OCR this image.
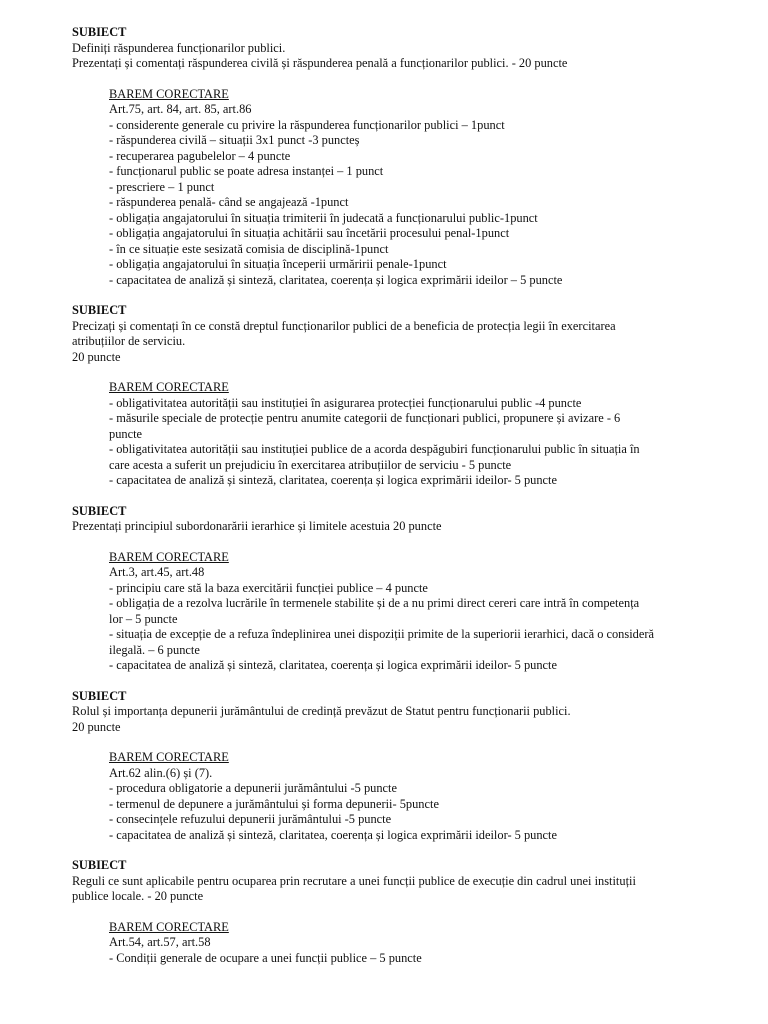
SUBIECT
Definiți răspunderea funcționarilor publici.
Prezentați și comentați răspunderea civilă și răspunderea penală a funcționarilor publici. - 20 puncte
BAREM CORECTARE
Art.75, art. 84, art. 85, art.86
- considerente generale cu privire la răspunderea funcționarilor publici – 1punct
- răspunderea civilă – situații 3x1 punct -3 puncteș
- recuperarea pagubelelor – 4 puncte
- funcționarul public se poate adresa instanței – 1 punct
- prescriere – 1 punct
- răspunderea penală- când se angajează -1punct
- obligația angajatorului în situația trimiterii în judecată a funcționarului public-1punct
- obligația angajatorului în situația achitării sau încetării procesului penal-1punct
- în ce situație este sesizată comisia de disciplină-1punct
- obligația angajatorului în situația începerii urmăririi penale-1punct
- capacitatea de analiză și sinteză, claritatea, coerența și logica exprimării ideilor – 5 puncte
SUBIECT
Precizați și comentați în ce constă dreptul funcționarilor publici de a beneficia de protecția legii în exercitarea
atribuțiilor de serviciu.
20 puncte
BAREM CORECTARE
- obligativitatea autorității sau instituției în asigurarea protecției funcționarului public -4 puncte
- măsurile speciale de protecție pentru anumite categorii de funcționari publici, propunere și avizare - 6
puncte
- obligativitatea autorității sau instituției publice de a acorda despăgubiri funcționarului public în situația în
care acesta a suferit un prejudiciu în exercitarea atribuțiilor de serviciu - 5 puncte
- capacitatea de analiză și sinteză, claritatea, coerența și logica exprimării ideilor- 5 puncte
SUBIECT
Prezentați principiul subordonarării ierarhice și limitele acestuia 20 puncte
BAREM CORECTARE
Art.3, art.45, art.48
- principiu care stă la baza exercitării funcției publice – 4 puncte
- obligația de a rezolva lucrările în termenele stabilite și de a nu primi direct cereri care intră în competența
lor – 5 puncte
- situația de excepție de a refuza îndeplinirea unei dispoziții primite de la superiorii ierarhici, dacă o consideră
ilegală. – 6 puncte
- capacitatea de analiză și sinteză, claritatea, coerența și logica exprimării ideilor- 5 puncte
SUBIECT
Rolul și importanța depunerii jurământului de credință prevăzut de Statut pentru funcționarii publici.
20 puncte
BAREM CORECTARE
Art.62 alin.(6) și (7).
- procedura obligatorie a depunerii jurământului -5 puncte
- termenul de depunere a jurământului și forma depunerii- 5puncte
- consecințele refuzului depunerii jurământului -5 puncte
- capacitatea de analiză și sinteză, claritatea, coerența și logica exprimării ideilor- 5 puncte
SUBIECT
Reguli ce sunt aplicabile pentru ocuparea prin recrutare a unei funcții publice de execuție din cadrul unei instituții
publice locale. - 20 puncte
BAREM CORECTARE
Art.54, art.57, art.58
- Condiții generale de ocupare a unei funcții publice – 5 puncte
